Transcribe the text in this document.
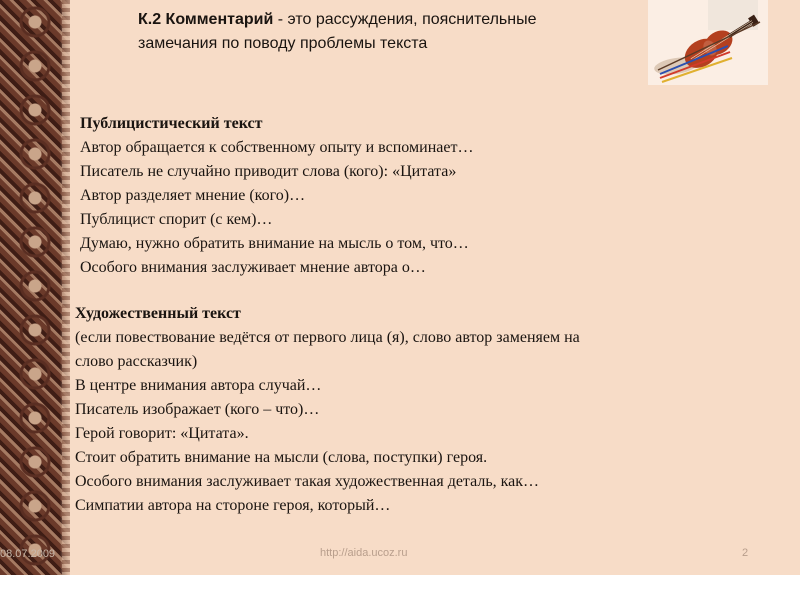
К.2 Комментарий - это рассуждения, пояснительные
замечания по поводу проблемы текста
Публицистический текст
Автор обращается к собственному опыту и вспоминает…
Писатель не случайно приводит слова (кого): «Цитата»
Автор разделяет мнение (кого)…
Публицист спорит (с кем)…
Думаю, нужно обратить внимание на мысль о том, что…
Особого внимания заслуживает мнение автора о…
Художественный текст
(если повествование ведётся от первого лица (я), слово автор заменяем на
слово рассказчик)
В центре внимания автора случай…
Писатель изображает (кого – что)…
Герой говорит: «Цитата».
Стоит обратить внимание на мысли (слова, поступки) героя.
Особого внимания заслуживает такая художественная деталь, как…
Симпатии автора на стороне героя, который…
08.07.2009	http://aida.ucoz.ru	2
